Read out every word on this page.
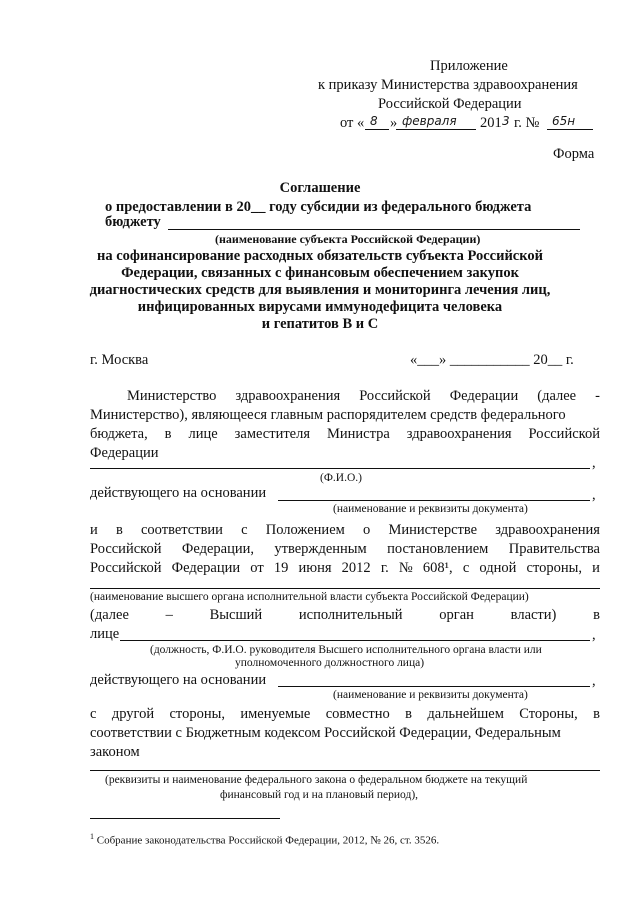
Приложение
к приказу Министерства здравоохранения
Российской Федерации
от « 8 » февраля 201 3 г. № 65н
Форма
Соглашение
о предоставлении в 20__ году субсидии из федерального бюджета
бюджету
(наименование субъекта Российской Федерации)
на софинансирование расходных обязательств субъекта Российской
Федерации, связанных с финансовым обеспечением закупок
диагностических средств для выявления и мониторинга лечения лиц,
инфицированных вирусами иммунодефицита человека
и гепатитов В и С
г. Москва	«___» ___________ 20__ г.
Министерство здравоохранения Российской Федерации (далее -
Министерство), являющееся главным распорядителем средств федерального
бюджета, в лице заместителя Министра здравоохранения Российской
Федерации
,
(Ф.И.О.)
действующего на основании	,
(наименование и реквизиты документа)
и в соответствии с Положением о Министерстве здравоохранения
Российской Федерации, утвержденным постановлением Правительства
Российской Федерации от 19 июня 2012 г. № 608¹, с одной стороны, и
(наименование высшего органа исполнительной власти субъекта Российской Федерации)
(далее	–	Высший	исполнительный	орган	власти)	в
лице	,
(должность, Ф.И.О. руководителя Высшего исполнительного органа власти или
уполномоченного должностного лица)
действующего на основании	,
(наименование и реквизиты документа)
с другой стороны, именуемые совместно в дальнейшем Стороны, в
соответствии с Бюджетным кодексом Российской Федерации, Федеральным
законом
(реквизиты и наименование федерального закона о федеральном бюджете на текущий
финансовый год и на плановый период),
$^1$ Собрание законодательства Российской Федерации, 2012, № 26, ст. 3526.
